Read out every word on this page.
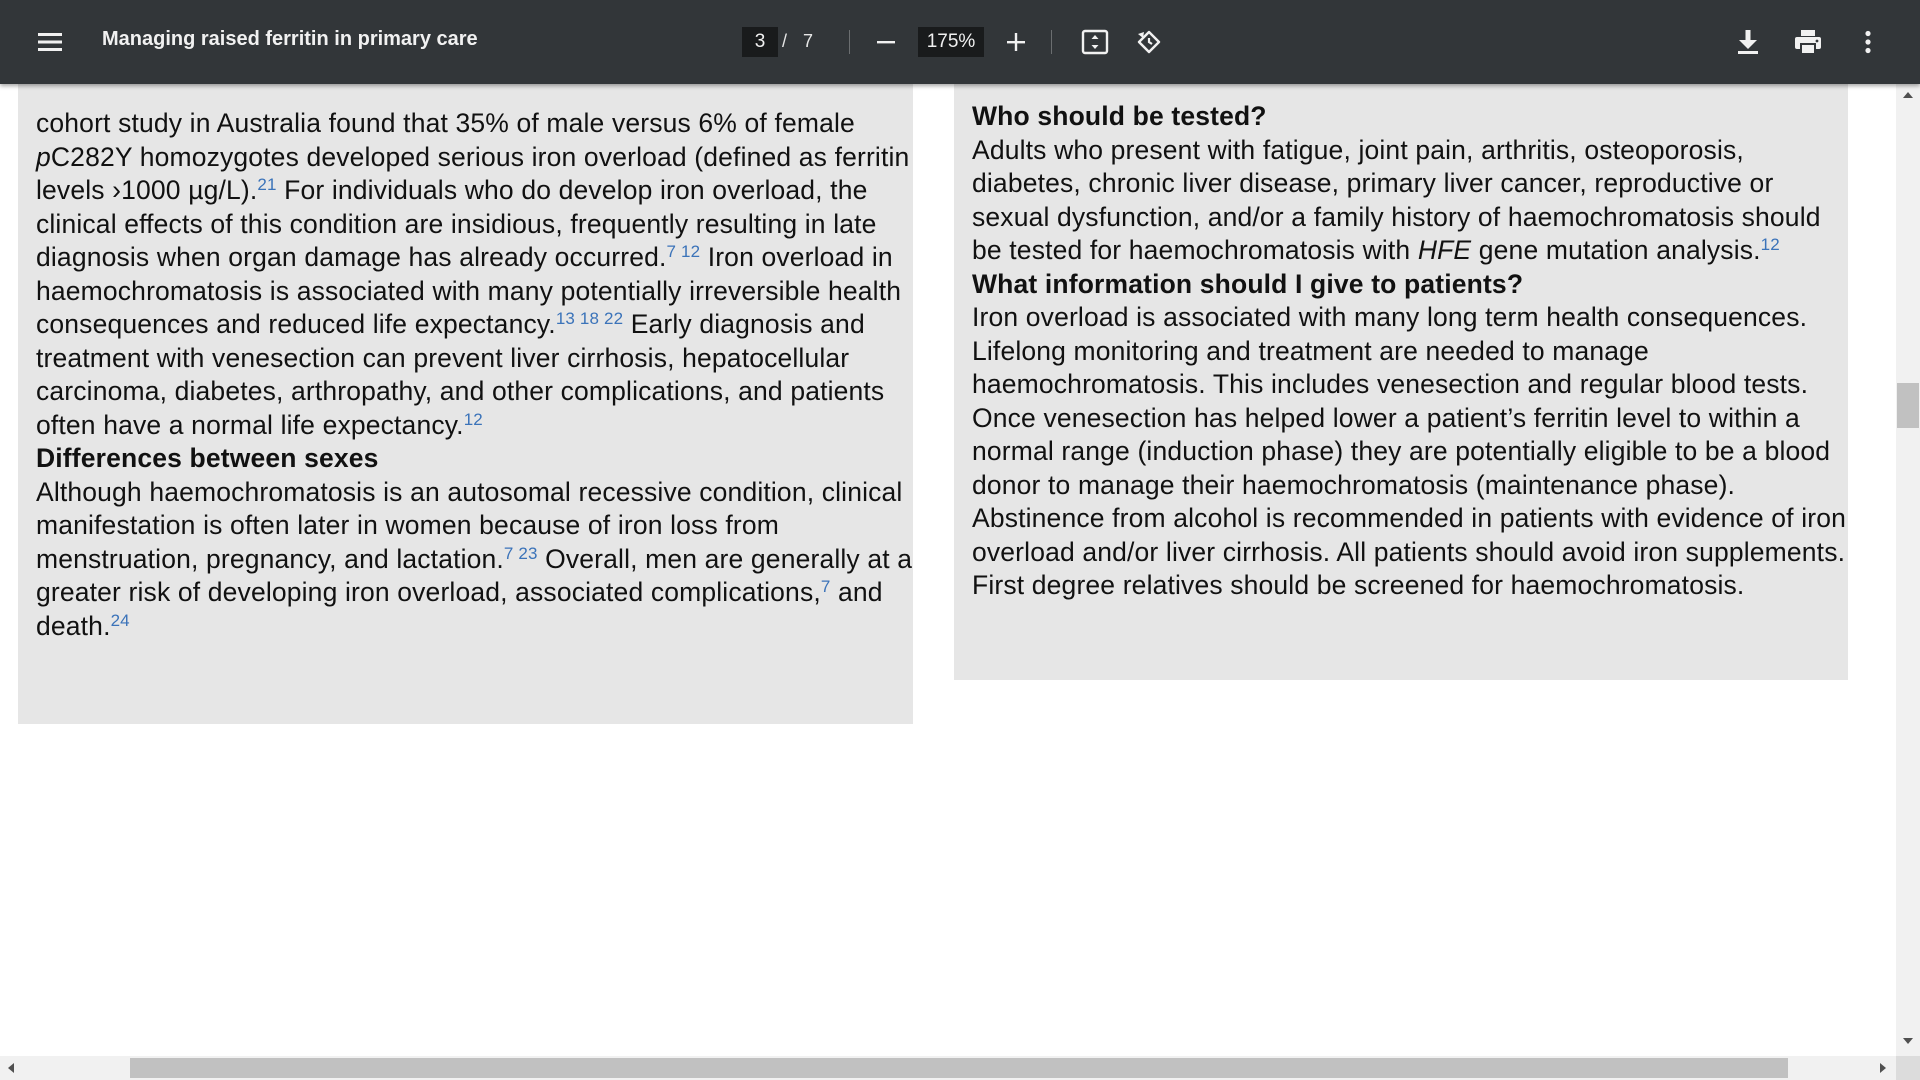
Managing raised ferritin in primary care	3 / 7	175%

cohort study in Australia found that 35% of male versus 6% of female pC282Y homozygotes developed serious iron overload (defined as ferritin levels ›1000 µg/L).$^{21}$ For individuals who do develop iron overload, the clinical effects of this condition are insidious, frequently resulting in late diagnosis when organ damage has already occurred.$^{7 12}$ Iron overload in haemochromatosis is associated with many potentially irreversible health consequences and reduced life expectancy.$^{13 18 22}$ Early diagnosis and treatment with venesection can prevent liver cirrhosis, hepatocellular carcinoma, diabetes, arthropathy, and other complications, and patients often have a normal life expectancy.$^{12}$

Differences between sexes

Although haemochromatosis is an autosomal recessive condition, clinical manifestation is often later in women because of iron loss from menstruation, pregnancy, and lactation.$^{7 23}$ Overall, men are generally at a greater risk of developing iron overload, associated complications,$^7$ and death.$^{24}$

Who should be tested?

Adults who present with fatigue, joint pain, arthritis, osteoporosis, diabetes, chronic liver disease, primary liver cancer, reproductive or sexual dysfunction, and/or a family history of haemochromatosis should be tested for haemochromatosis with HFE gene mutation analysis.$^{12}$

What information should I give to patients?

Iron overload is associated with many long term health consequences. Lifelong monitoring and treatment are needed to manage haemochromatosis. This includes venesection and regular blood tests. Once venesection has helped lower a patient’s ferritin level to within a normal range (induction phase) they are potentially eligible to be a blood donor to manage their haemochromatosis (maintenance phase). Abstinence from alcohol is recommended in patients with evidence of iron overload and/or liver cirrhosis. All patients should avoid iron supplements. First degree relatives should be screened for haemochromatosis.
